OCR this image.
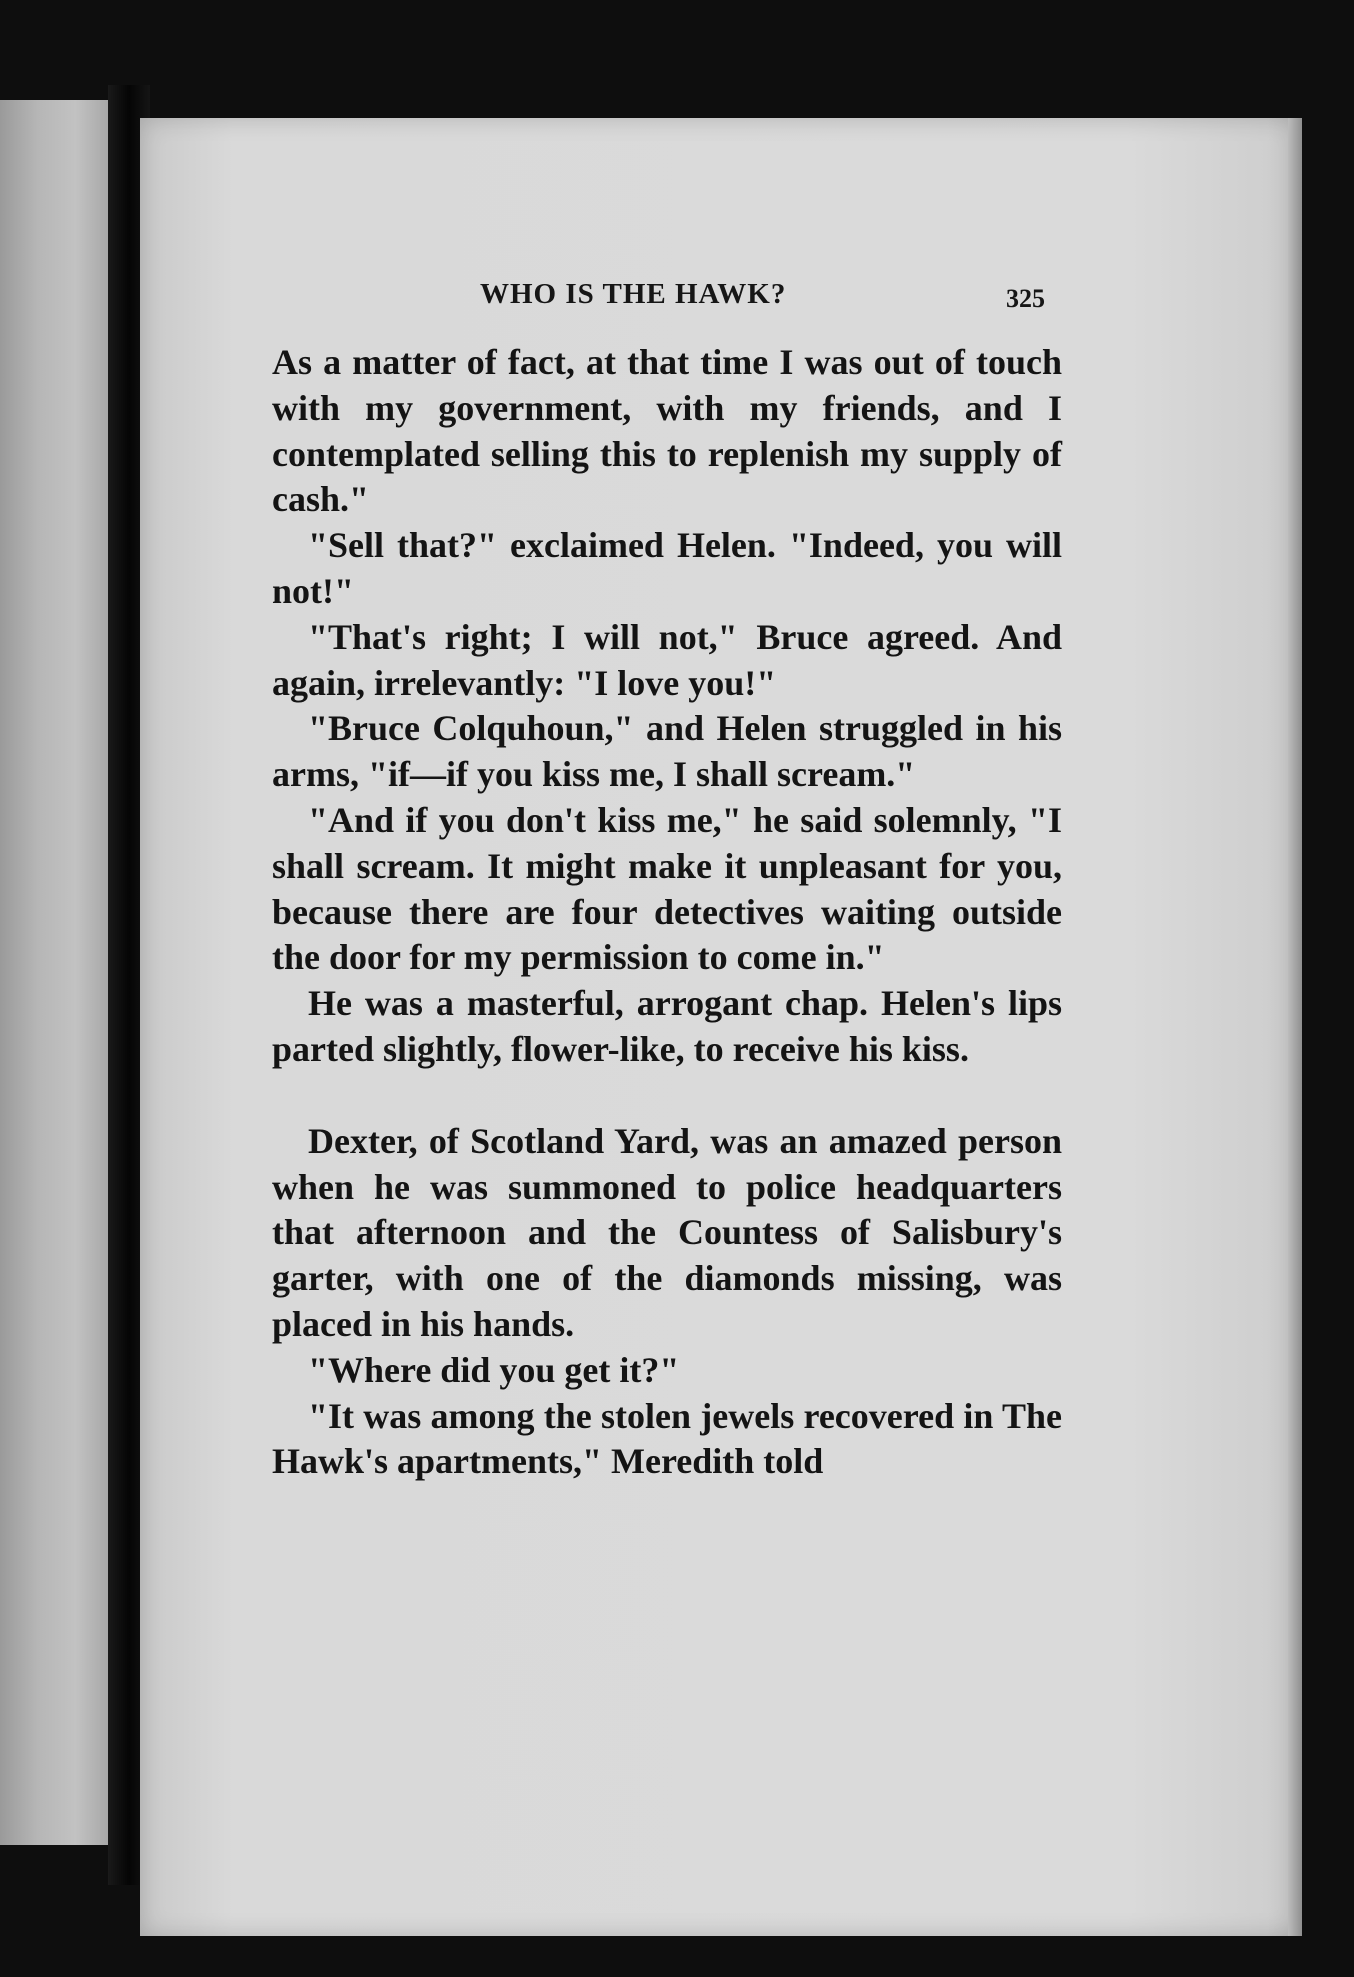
WHO IS THE HAWK?	325

As a matter of fact, at that time I was out of touch with my government, with my friends, and I contemplated selling this to replenish my supply of cash."

"Sell that?" exclaimed Helen. "Indeed, you will not!"

"That's right; I will not," Bruce agreed. And again, irrelevantly: "I love you!"

"Bruce Colquhoun," and Helen struggled in his arms, "if—if you kiss me, I shall scream."

"And if you don't kiss me," he said solemnly, "I shall scream. It might make it unpleasant for you, because there are four detectives waiting outside the door for my permission to come in."

He was a masterful, arrogant chap. Helen's lips parted slightly, flower-like, to receive his kiss.

Dexter, of Scotland Yard, was an amazed person when he was summoned to police headquarters that afternoon and the Countess of Salisbury's garter, with one of the diamonds missing, was placed in his hands.

"Where did you get it?"

"It was among the stolen jewels recovered in The Hawk's apartments," Meredith told
